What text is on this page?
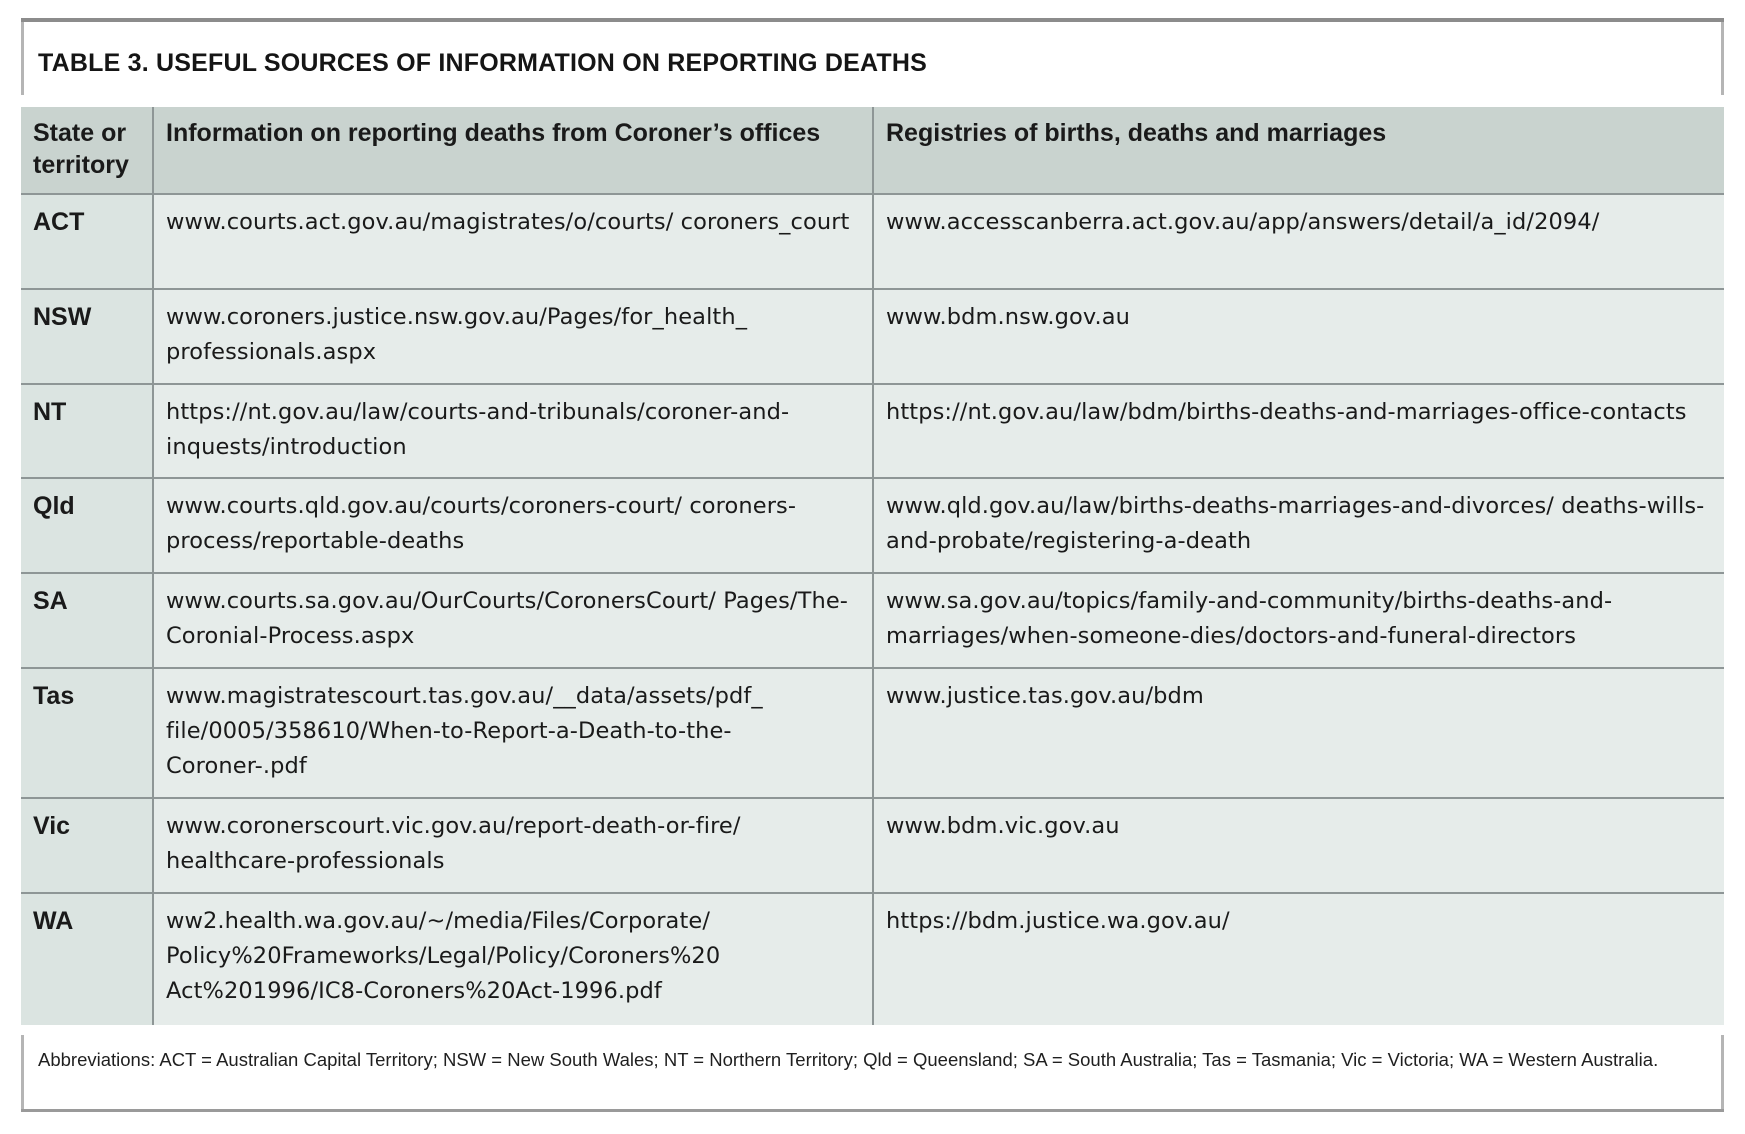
TABLE 3. USEFUL SOURCES OF INFORMATION ON REPORTING DEATHS
State or territory	Information on reporting deaths from Coroner’s offices	Registries of births, deaths and marriages
ACT	www.courts.act.gov.au/magistrates/o/courts/ coroners_court	www.accesscanberra.act.gov.au/app/answers/detail/a_id/2094/
NSW	www.coroners.justice.nsw.gov.au/Pages/for_health_ professionals.aspx	www.bdm.nsw.gov.au
NT	https://nt.gov.au/law/courts-and-tribunals/coroner-and-inquests/introduction	https://nt.gov.au/law/bdm/births-deaths-and-marriages-office-contacts
Qld	www.courts.qld.gov.au/courts/coroners-court/ coroners-process/reportable-deaths	www.qld.gov.au/law/births-deaths-marriages-and-divorces/ deaths-wills-and-probate/registering-a-death
SA	www.courts.sa.gov.au/OurCourts/CoronersCourt/ Pages/The-Coronial-Process.aspx	www.sa.gov.au/topics/family-and-community/births-deaths-and-marriages/when-someone-dies/doctors-and-funeral-directors
Tas	www.magistratescourt.tas.gov.au/__data/assets/pdf_ file/0005/358610/When-to-Report-a-Death-to-the-Coroner-.pdf	www.justice.tas.gov.au/bdm
Vic	www.coronerscourt.vic.gov.au/report-death-or-fire/ healthcare-professionals	www.bdm.vic.gov.au
WA	ww2.health.wa.gov.au/~/media/Files/Corporate/ Policy%20Frameworks/Legal/Policy/Coroners%20 Act%201996/IC8-Coroners%20Act-1996.pdf	https://bdm.justice.wa.gov.au/
Abbreviations: ACT = Australian Capital Territory; NSW = New South Wales; NT = Northern Territory; Qld = Queensland; SA = South Australia; Tas = Tasmania; Vic = Victoria; WA = Western Australia.
